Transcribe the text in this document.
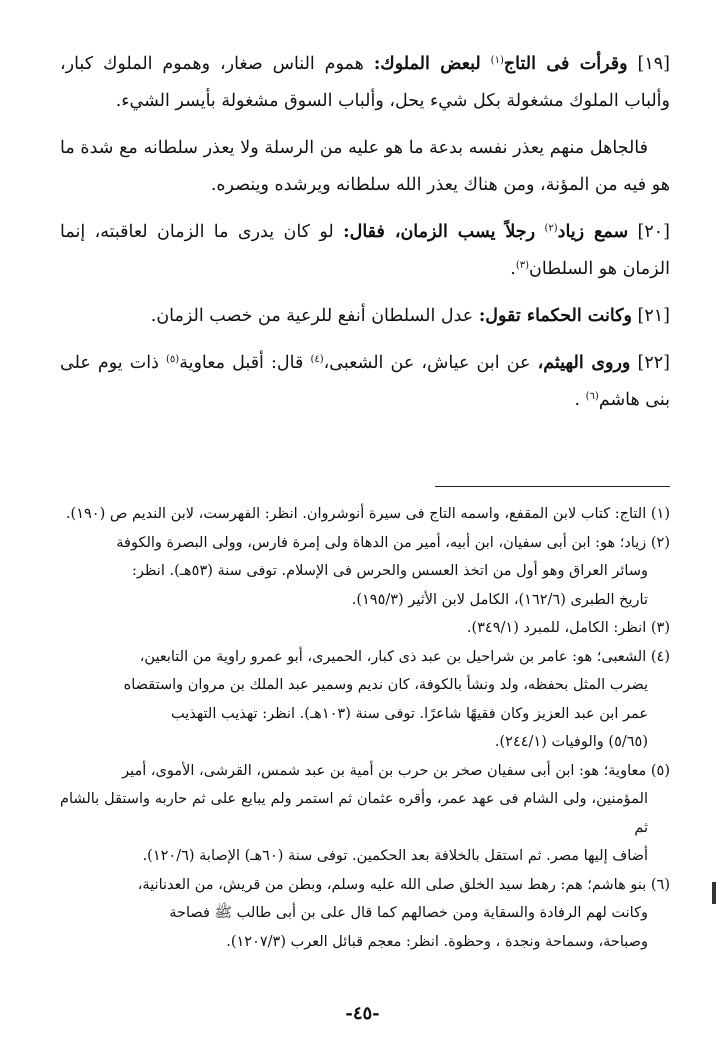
[١٩] وقرأت فى التاج$^{(١)}$ لبعض الملوك: هموم الناس صغار، وهموم الملوك كبار، وألباب الملوك مشغولة بكل شيء يحل، وألباب السوق مشغولة بأيسر الشيء.

فالجاهل منهم يعذر نفسه بدعة ما هو عليه من الرسلة ولا يعذر سلطانه مع شدة ما هو فيه من المؤنة، ومن هناك يعذر الله سلطانه ويرشده وينصره.

[٢٠] سمع زياد$^{(٢)}$ رجلاً يسب الزمان، فقال: لو كان يدرى ما الزمان لعاقبته، إنما الزمان هو السلطان$^{(٣)}$.

[٢١] وكانت الحكماء تقول: عدل السلطان أنفع للرعية من خصب الزمان.

[٢٢] وروى الهيثم، عن ابن عياش، عن الشعبى،$^{(٤)}$ قال: أقبل معاوية$^{(٥)}$ ذات يوم على بنى هاشم$^{(٦)}$ .

(١) التاج: كتاب لابن المقفع، واسمه التاج فى سيرة أنوشروان. انظر: الفهرست، لابن النديم ص (١٩٠).

(٢) زياد؛ هو: ابن أبى سفيان، ابن أبيه، أمير من الدهاة ولى إمرة فارس، وولى البصرة والكوفة

وسائر العراق وهو أول من اتخذ العسس والحرس فى الإسلام. توفى سنة (٥٣هـ). انظر:

تاريخ الطبرى (١٦٢/٦)، الكامل لابن الأثير (١٩٥/٣).

(٣) انظر: الكامل، للمبرد (٣٤٩/١).

(٤) الشعبى؛ هو: عامر بن شراحيل بن عبد ذى كبار، الحميرى، أبو عمرو راوية من التابعين،

يضرب المثل بحفظه، ولد ونشأ بالكوفة، كان نديم وسمير عبد الملك بن مروان واستقضاه

عمر ابن عبد العزيز وكان فقيهًا شاعرًا. توفى سنة (١٠٣هـ). انظر: تهذيب التهذيب

(٥/٦٥) والوفيات (٢٤٤/١).

(٥) معاوية؛ هو: ابن أبى سفيان صخر بن حرب بن أمية بن عبد شمس، القرشى، الأموى، أمير

المؤمنين، ولى الشام فى عهد عمر، وأقره عثمان ثم استمر ولم يبايع على ثم حاربه واستقل بالشام ثم

أضاف إليها مصر. ثم استقل بالخلافة بعد الحكمين. توفى سنة (٦٠هـ) الإصابة (١٢٠/٦).

(٦) بنو هاشم؛ هم: رهط سيد الخلق صلى الله عليه وسلم، وبطن من قريش، من العدنانية،

وكانت لهم الرفادة والسقاية ومن خصالهم كما قال على بن أبى طالب ﷺ فصاحة

وصباحة، وسماحة ونجدة ، وحظوة. انظر: معجم قبائل العرب (١٢٠٧/٣).

-٤٥-
